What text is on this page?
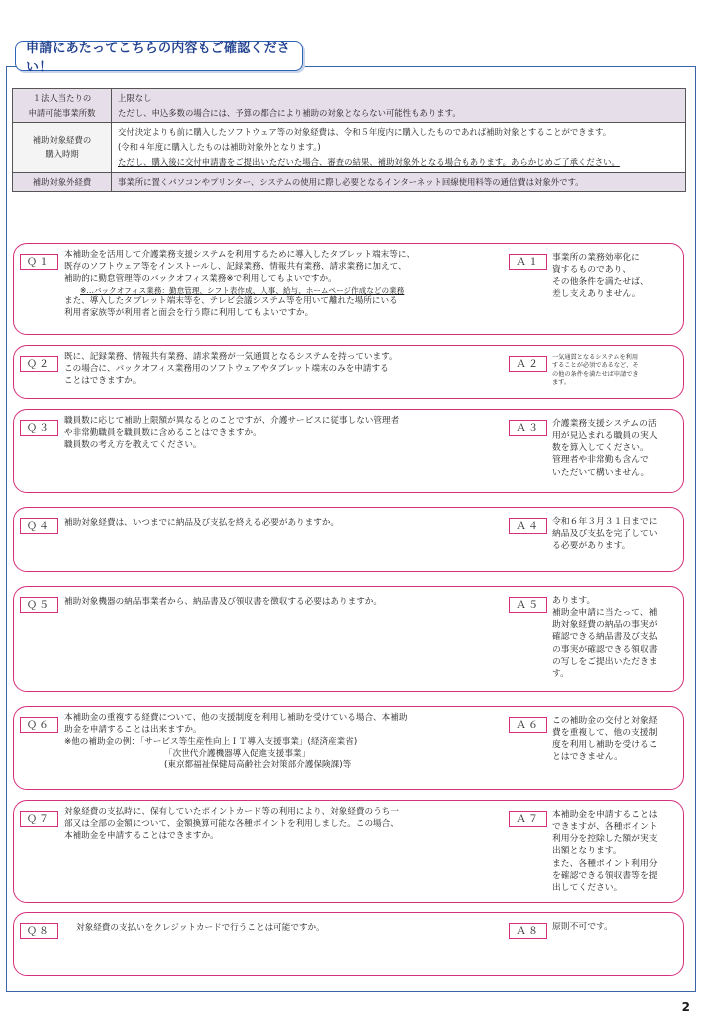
申請にあたってこちらの内容もご確認ください！
１法人当たりの
申請可能事業所数	上限なし
ただし、申込多数の場合には、予算の都合により補助の対象とならない可能性もあります。

補助対象経費の
購入時期	交付決定よりも前に購入したソフトウェア等の対象経費は、令和５年度内に購入したものであれば補助対象とすることができます。
(令和４年度に購入したものは補助対象外となります。)
ただし、購入後に交付申請書をご提出いただいた場合、審査の結果、補助対象外となる場合もあります。あらかじめご了承ください。

補助対象外経費	事業所に置くパソコンやプリンター、システムの使用に際し必要となるインターネット回線使用料等の通信費は対象外です。
Ｑ１
本補助金を活用して介護業務支援システムを利用するために導入したタブレット端末等に、
既存のソフトウェア等をインストールし、記録業務、情報共有業務、請求業務に加えて、
補助的に勤怠管理等のバックオフィス業務※で利用してもよいですか。
※…バックオフィス業務：勤怠管理、シフト表作成、人事、給与、ホームページ作成などの業務
また、導入したタブレット端末等を、テレビ会議システム等を用いて離れた場所にいる
利用者家族等が利用者と面会を行う際に利用してもよいですか。
Ａ１	事業所の業務効率化に
資するものであり、
その他条件を満たせば、
差し支えありません。
Ｑ２
既に、記録業務、情報共有業務、請求業務が一気通貫となるシステムを持っています。
この場合に、バックオフィス業務用のソフトウェアやタブレット端末のみを申請する
ことはできますか。
Ａ２
一気通貫となるシステムを利用
することが必須であるなど、そ
の他の条件を満たせば申請でき
ます。
Ｑ３
職員数に応じて補助上限額が異なるとのことですが、介護サービスに従事しない管理者
や非常勤職員を職員数に含めることはできますか。
職員数の考え方を教えてください。
Ａ３	介護業務支援システムの活
用が見込まれる職員の実人
数を算入してください。
管理者や非常勤も含んで
いただいて構いません。
Ｑ４	補助対象経費は、いつまでに納品及び支払を終える必要がありますか。	Ａ４	令和６年３月３１日までに
納品及び支払を完了してい
る必要があります。
Ｑ５	補助対象機器の納品事業者から、納品書及び領収書を徴収する必要はありますか。	Ａ５	あります。
補助金申請に当たって、補
助対象経費の納品の事実が
確認できる納品書及び支払
の事実が確認できる領収書
の写しをご提出いただきま
す。
Ｑ６
本補助金の重複する経費について、他の支援制度を利用し補助を受けている場合、本補助
助金を申請することは出来ますか。
※他の補助金の例：「サービス等生産性向上ＩＴ導入支援事業」(経済産業省)
「次世代介護機器導入促進支援事業」
(東京都福祉保健局高齢社会対策部介護保険課)等
Ａ６	この補助金の交付と対象経
費を重複して、他の支援制
度を利用し補助を受けるこ
とはできません。
Ｑ７
対象経費の支払時に、保有していたポイントカード等の利用により、対象経費のうち一
部又は全部の金額について、金額換算可能な各種ポイントを利用しました。この場合、
本補助金を申請することはできますか。
Ａ７	本補助金を申請することは
できますが、各種ポイント
利用分を控除した額が実支
出額となります。
また、各種ポイント利用分
を確認できる領収書等を提
出してください。
Ｑ８	対象経費の支払いをクレジットカードで行うことは可能ですか。	Ａ８	原則不可です。
2
